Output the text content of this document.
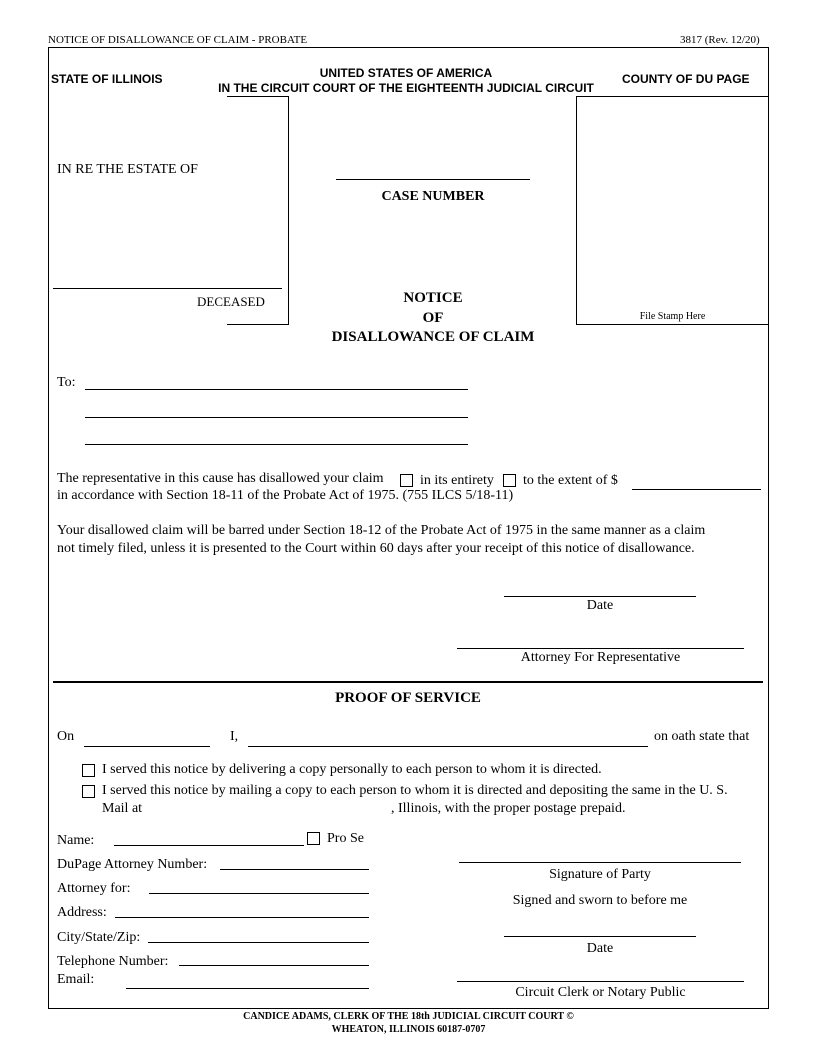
NOTICE OF DISALLOWANCE OF CLAIM - PROBATE	3817 (Rev. 12/20)
STATE OF ILLINOIS	UNITED STATES OF AMERICA
IN THE CIRCUIT COURT OF THE EIGHTEENTH JUDICIAL CIRCUIT
COUNTY OF DU PAGE
IN RE THE ESTATE OF
DECEASED
CASE NUMBER
NOTICE
OF
DISALLOWANCE OF CLAIM
File Stamp Here
To:
The representative in this cause has disallowed your claim	in its entirety to the extent of $
in accordance with Section 18-11 of the Probate Act of 1975. (755 ILCS 5/18-11)
Your disallowed claim will be barred under Section 18-12 of the Probate Act of 1975 in the same manner as a claim
not timely filed, unless it is presented to the Court within 60 days after your receipt of this notice of disallowance.
Date
Attorney For Representative
PROOF OF SERVICE
On	I,	on oath state that
I served this notice by delivering a copy personally to each person to whom it is directed.
I served this notice by mailing a copy to each person to whom it is directed and depositing the same in the U. S.
Mail at	, Illinois, with the proper postage prepaid.
Name:	Pro Se
DuPage Attorney Number:
Attorney for:
Address:
City/State/Zip:
Telephone Number:
Email:
Signature of Party
Signed and sworn to before me
Date
Circuit Clerk or Notary Public
CANDICE ADAMS, CLERK OF THE 18th JUDICIAL CIRCUIT COURT ©
WHEATON, ILLINOIS 60187-0707
